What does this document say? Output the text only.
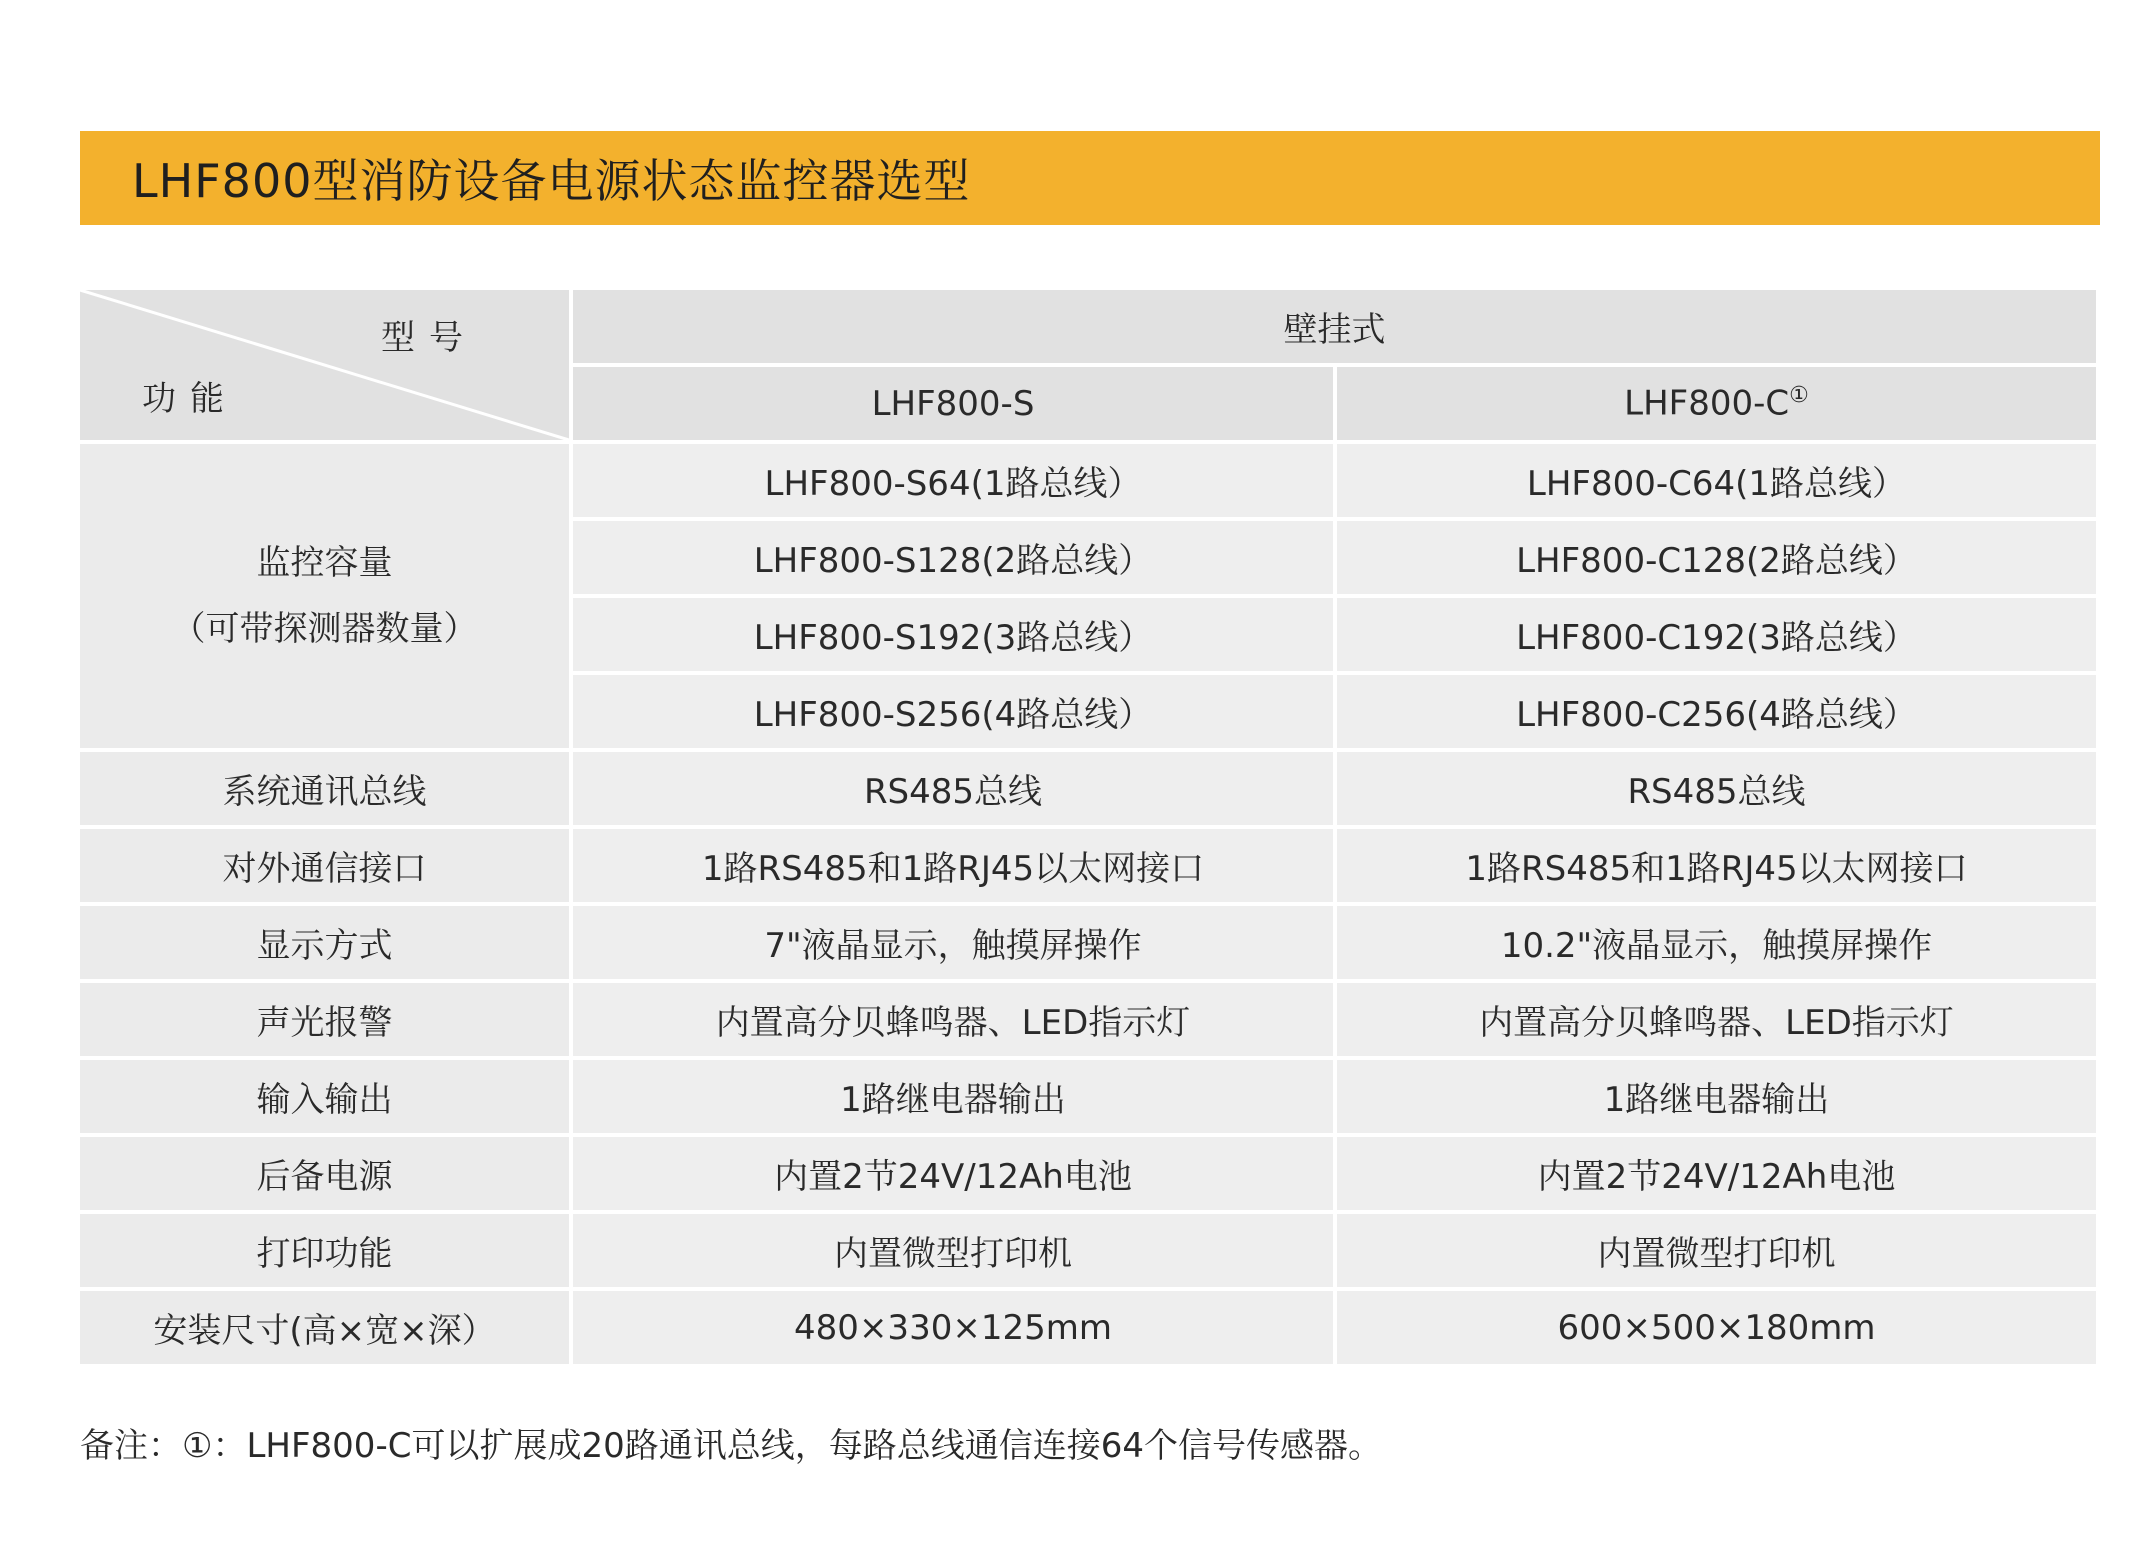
LHF800型消防设备电源状态监控器选型
型号
功能	壁挂式	
	LHF800-S	LHF800-C①
监控容量
（可带探测器数量）	LHF800-S64(1路总线）	LHF800-C64(1路总线）
	LHF800-S128(2路总线）	LHF800-C128(2路总线）
	LHF800-S192(3路总线）	LHF800-C192(3路总线）
	LHF800-S256(4路总线）	LHF800-C256(4路总线）
系统通讯总线	RS485总线	RS485总线
对外通信接口	1路RS485和1路RJ45以太网接口	1路RS485和1路RJ45以太网接口
显示方式	7"液晶显示，触摸屏操作	10.2"液晶显示，触摸屏操作
声光报警	内置高分贝蜂鸣器、LED指示灯	内置高分贝蜂鸣器、LED指示灯
输入输出	1路继电器输出	1路继电器输出
后备电源	内置2节24V/12Ah电池	内置2节24V/12Ah电池
打印功能	内置微型打印机	内置微型打印机
安装尺寸(高×宽×深）	480×330×125mm	600×500×180mm
备注：①：LHF800-C可以扩展成20路通讯总线，每路总线通信连接64个信号传感器。
